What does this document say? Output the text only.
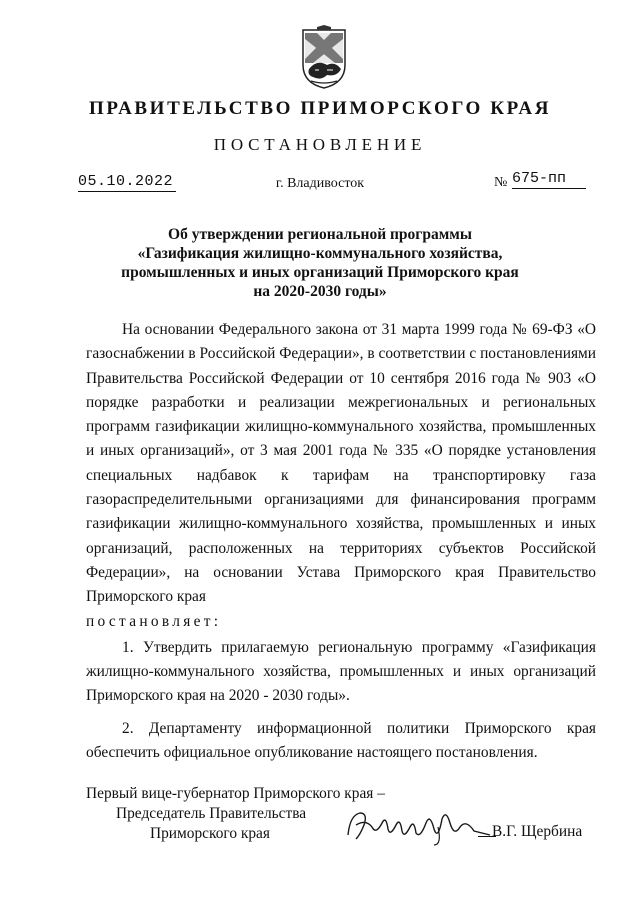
ПРАВИТЕЛЬСТВО ПРИМОРСКОГО КРАЯ
ПОСТАНОВЛЕНИЕ
05.10.2022	г. Владивосток	№ 675-пп
Об утверждении региональной программы
«Газификация жилищно-коммунального хозяйства,
промышленных и иных организаций Приморского края
на 2020-2030 годы»

На основании Федерального закона от 31 марта 1999 года № 69-ФЗ «О газоснабжении в Российской Федерации», в соответствии с постановлениями Правительства Российской Федерации от 10 сентября 2016 года № 903 «О порядке разработки и реализации межрегиональных и региональных программ газификации жилищно-коммунального хозяйства, промышленных и иных организаций», от 3 мая 2001 года № 335 «О порядке установления специальных надбавок к тарифам на транспортировку газа газораспределительными организациями для финансирования программ газификации жилищно-коммунального хозяйства, промышленных и иных организаций, расположенных на территориях субъектов Российской Федерации», на основании Устава Приморского края Правительство Приморского края

постановляет:

1. Утвердить прилагаемую региональную программу «Газификация жилищно-коммунального хозяйства, промышленных и иных организаций Приморского края на 2020 - 2030 годы».

2. Департаменту информационной политики Приморского края обеспечить официальное опубликование настоящего постановления.

Первый вице-губернатор Приморского края –
Председатель Правительства
Приморского края	В.Г. Щербина
